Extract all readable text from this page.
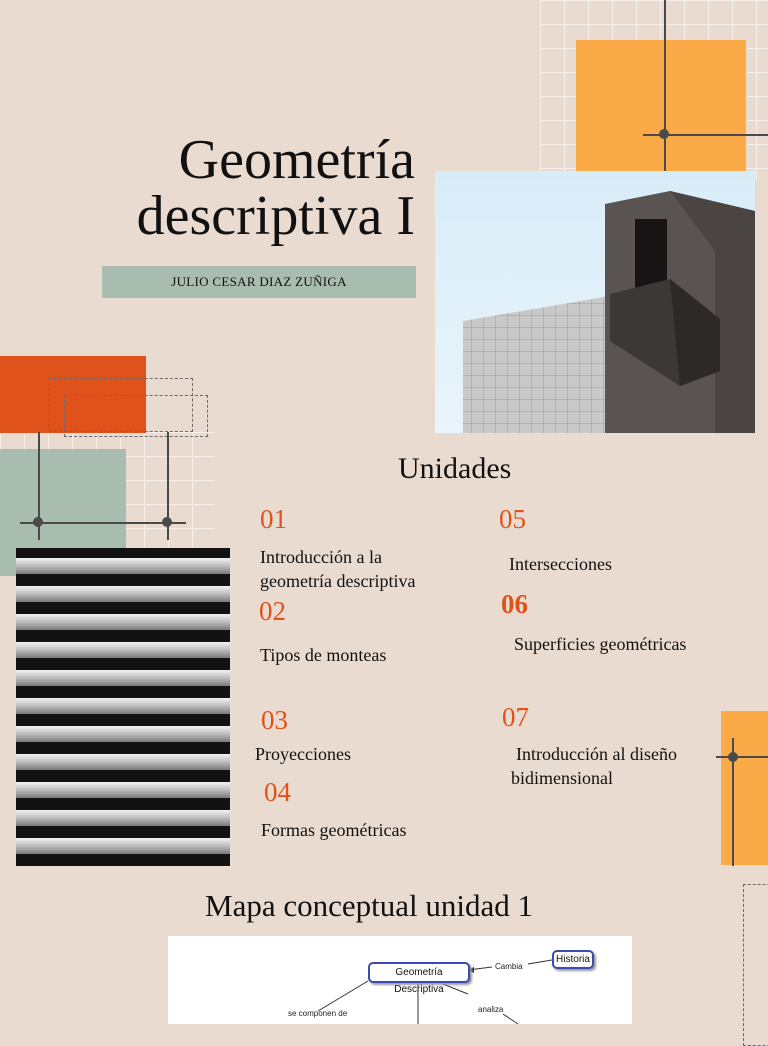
Geometría
descriptiva I
JULIO CESAR DIAZ ZUÑIGA
Unidades
01
Introducción a la geometría descriptiva
02
Tipos de monteas
03
Proyecciones
04
Formas geométricas
05
Intersecciones
06
Superficies geométricas
07
Introducción al diseño bidimensional
Mapa conceptual unidad 1
Geometría Descriptiva
Historia
Cambia
se componen de	analiza
